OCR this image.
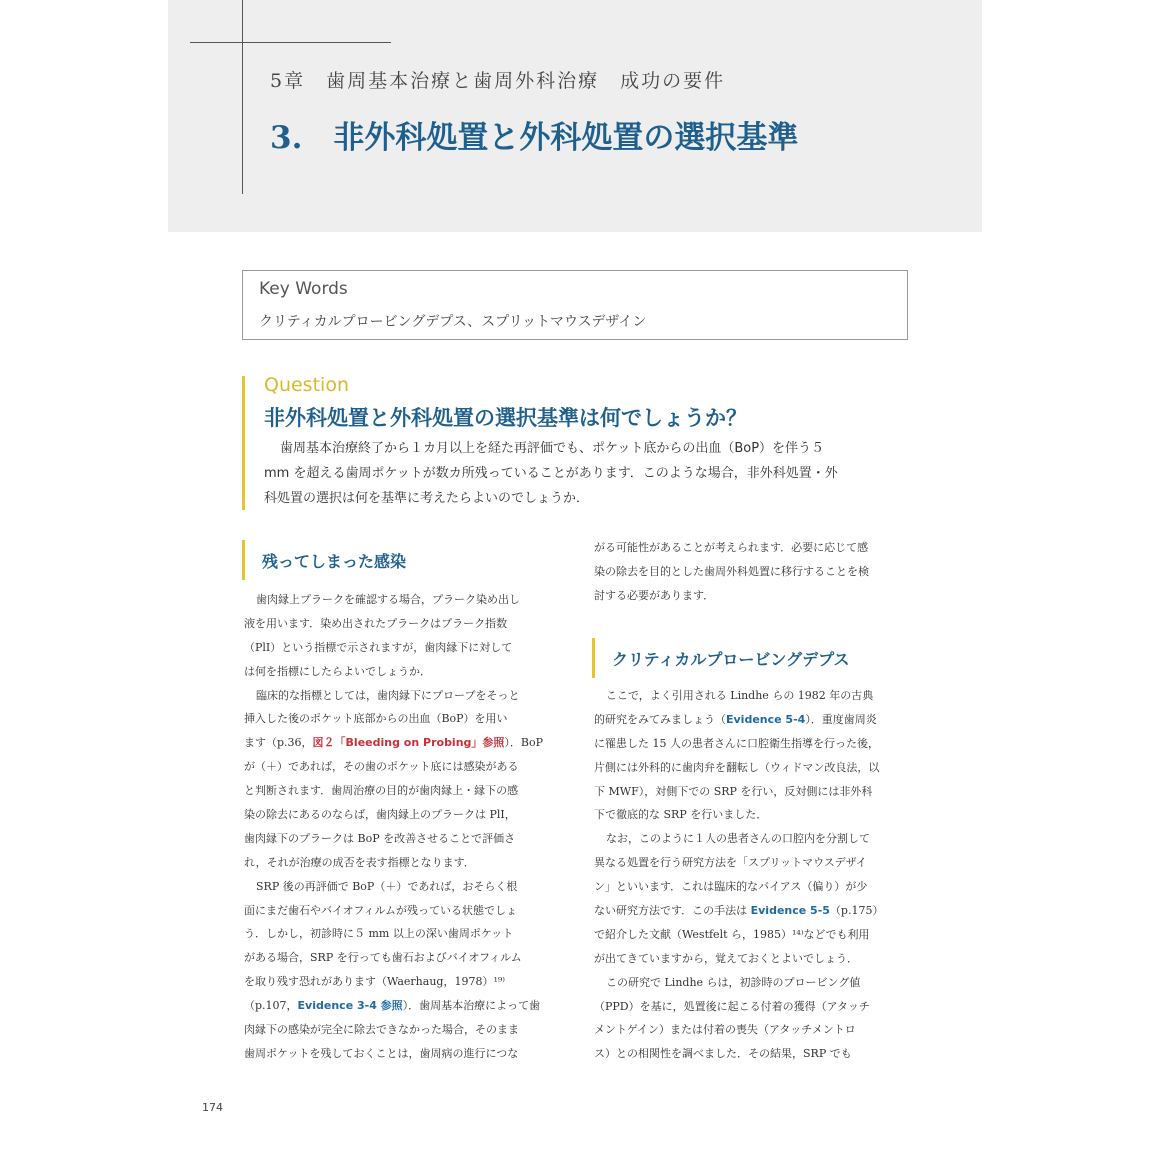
5章　歯周基本治療と歯周外科治療　成功の要件
3.　非外科処置と外科処置の選択基準
Key Words
クリティカルプロービングデプス、スプリットマウスデザイン
Question
非外科処置と外科処置の選択基準は何でしょうか？
歯周基本治療終了から１カ月以上を経た再評価でも、ポケット底からの出血（BoP）を伴う５
mm を超える歯周ポケットが数カ所残っていることがあります．このような場合，非外科処置・外
科処置の選択は何を基準に考えたらよいのでしょうか．
残ってしまった感染
歯肉縁上プラークを確認する場合，プラーク染め出し
液を用います．染め出されたプラークはプラーク指数
（PlI）という指標で示されますが，歯肉縁下に対して
は何を指標にしたらよいでしょうか．
臨床的な指標としては，歯肉縁下にプローブをそっと
挿入した後のポケット底部からの出血（BoP）を用い
ます（p.36，図２「Bleeding on Probing」参照）．BoP
が（＋）であれば，その歯のポケット底には感染がある
と判断されます．歯周治療の目的が歯肉縁上・縁下の感
染の除去にあるのならば，歯肉縁上のプラークは PlI，
歯肉縁下のプラークは BoP を改善させることで評価さ
れ，それが治療の成否を表す指標となります．
SRP 後の再評価で BoP（＋）であれば，おそらく根
面にまだ歯石やバイオフィルムが残っている状態でしょ
う．しかし，初診時に５ mm 以上の深い歯周ポケット
がある場合，SRP を行っても歯石およびバイオフィルム
を取り残す恐れがあります（Waerhaug，1978）¹⁹⁾
（p.107，Evidence 3-4 参照）．歯周基本治療によって歯
肉縁下の感染が完全に除去できなかった場合，そのまま
歯周ポケットを残しておくことは，歯周病の進行につな
がる可能性があることが考えられます．必要に応じて感
染の除去を目的とした歯周外科処置に移行することを検
討する必要があります．
クリティカルプロービングデプス
ここで，よく引用される Lindhe らの 1982 年の古典
的研究をみてみましょう（Evidence 5-4）．重度歯周炎
に罹患した 15 人の患者さんに口腔衛生指導を行った後，
片側には外科的に歯肉弁を翻転し（ウィドマン改良法，以
下 MWF），対側下での SRP を行い，反対側には非外科
下で徹底的な SRP を行いました．
なお，このように１人の患者さんの口腔内を分割して
異なる処置を行う研究方法を「スプリットマウスデザイ
ン」といいます．これは臨床的なバイアス（偏り）が少
ない研究方法です．この手法は Evidence 5-5（p.175）
で紹介した文献（Westfelt ら，1985）¹⁴⁾などでも利用
が出てきていますから，覚えておくとよいでしょう．
この研究で Lindhe らは，初診時のプロービング値
（PPD）を基に，処置後に起こる付着の獲得（アタッチ
メントゲイン）または付着の喪失（アタッチメントロ
ス）との相関性を調べました．その結果，SRP でも
174
